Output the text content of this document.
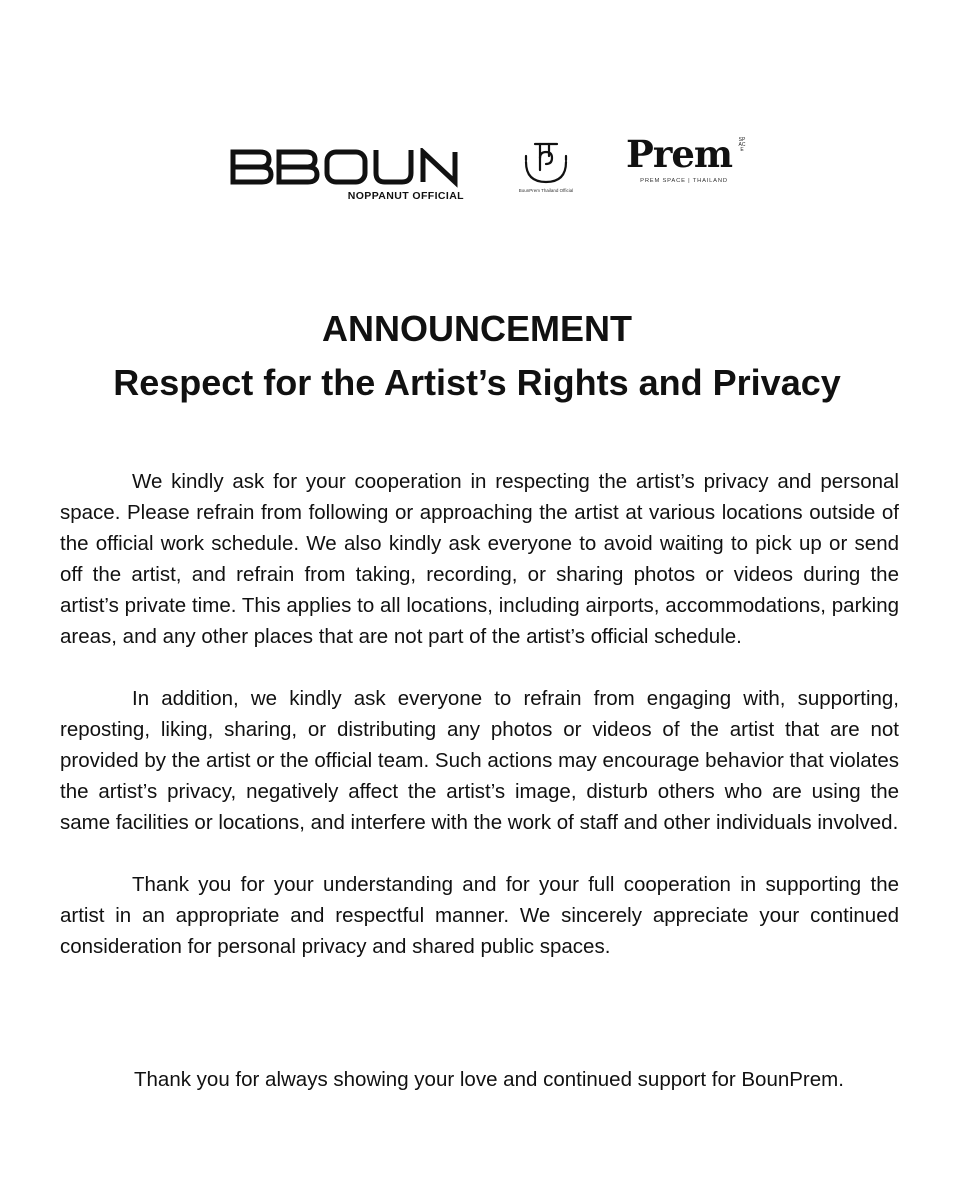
NOPPANUT OFFICIAL	BounPrem Thailand Official
Prem SPACE
PREM SPACE | THAILAND
ANNOUNCEMENT
Respect for the Artist’s Rights and Privacy

We kindly ask for your cooperation in respecting the artist’s privacy and personal space. Please refrain from following or approaching the artist at various locations outside of the official work schedule. We also kindly ask everyone to avoid waiting to pick up or send off the artist, and refrain from taking, recording, or sharing photos or videos during the artist’s private time. This applies to all locations, including airports, accommodations, parking areas, and any other places that are not part of the artist’s official schedule.

In addition, we kindly ask everyone to refrain from engaging with, supporting, reposting, liking, sharing, or distributing any photos or videos of the artist that are not provided by the artist or the official team. Such actions may encourage behavior that violates the artist’s privacy, negatively affect the artist’s image, disturb others who are using the same facilities or locations, and interfere with the work of staff and other individuals involved.

Thank you for your understanding and for your full cooperation in supporting the artist in an appropriate and respectful manner. We sincerely appreciate your continued consideration for personal privacy and shared public spaces.

Thank you for always showing your love and continued support for BounPrem.
